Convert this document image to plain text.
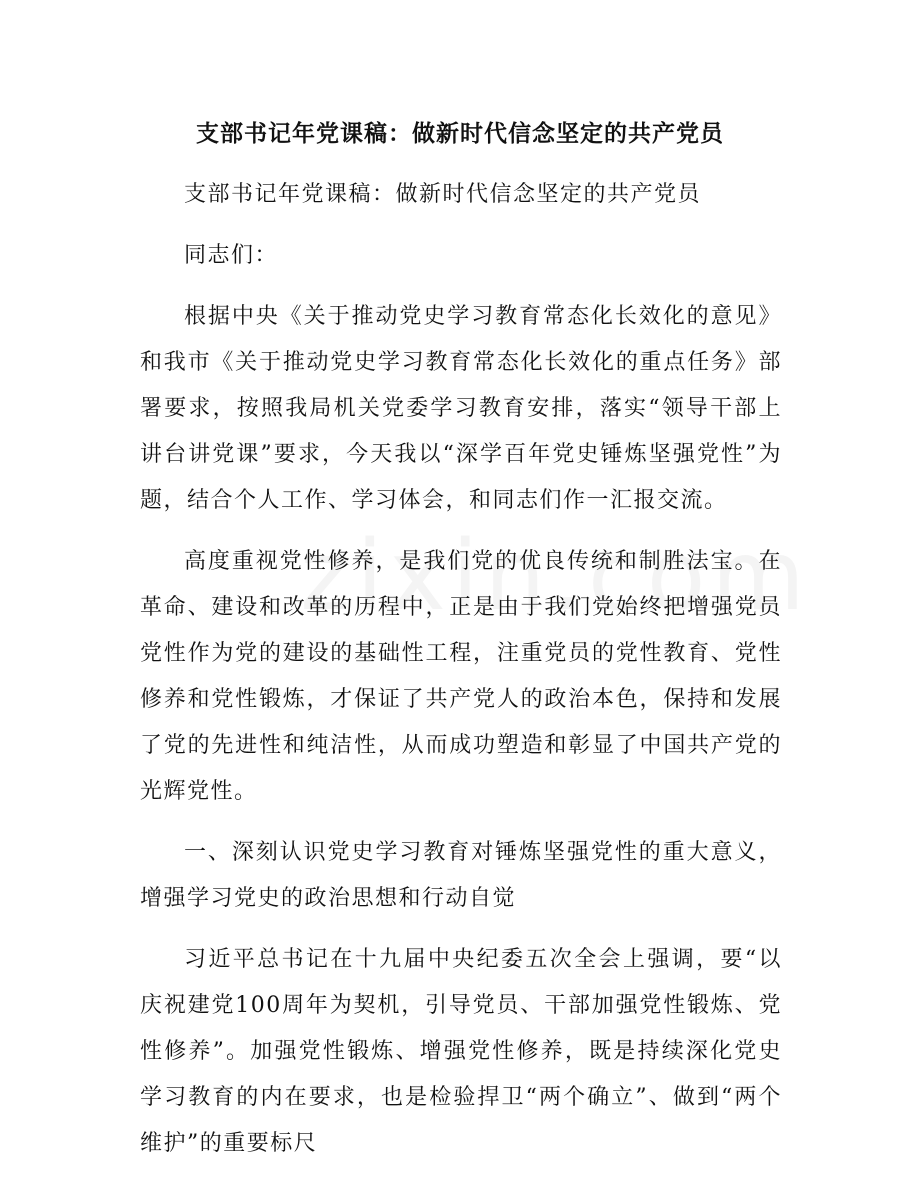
支部书记年党课稿：做新时代信念坚定的共产党员

支部书记年党课稿：做新时代信念坚定的共产党员

同志们：

根据中央《关于推动党史学习教育常态化长效化的意见》和我市《关于推动党史学习教育常态化长效化的重点任务》部署要求，按照我局机关党委学习教育安排，落实“领导干部上讲台讲党课”要求，今天我以“深学百年党史锤炼坚强党性”为题，结合个人工作、学习体会，和同志们作一汇报交流。

高度重视党性修养，是我们党的优良传统和制胜法宝。在革命、建设和改革的历程中，正是由于我们党始终把增强党员党性作为党的建设的基础性工程，注重党员的党性教育、党性修养和党性锻炼，才保证了共产党人的政治本色，保持和发展了党的先进性和纯洁性，从而成功塑造和彰显了中国共产党的光辉党性。

一、深刻认识党史学习教育对锤炼坚强党性的重大意义，增强学习党史的政治思想和行动自觉

习近平总书记在十九届中央纪委五次全会上强调，要“以庆祝建党100周年为契机，引导党员、干部加强党性锻炼、党性修养”。加强党性锻炼、增强党性修养，既是持续深化党史学习教育的内在要求，也是检验捍卫“两个确立”、做到“两个维护”的重要标尺
